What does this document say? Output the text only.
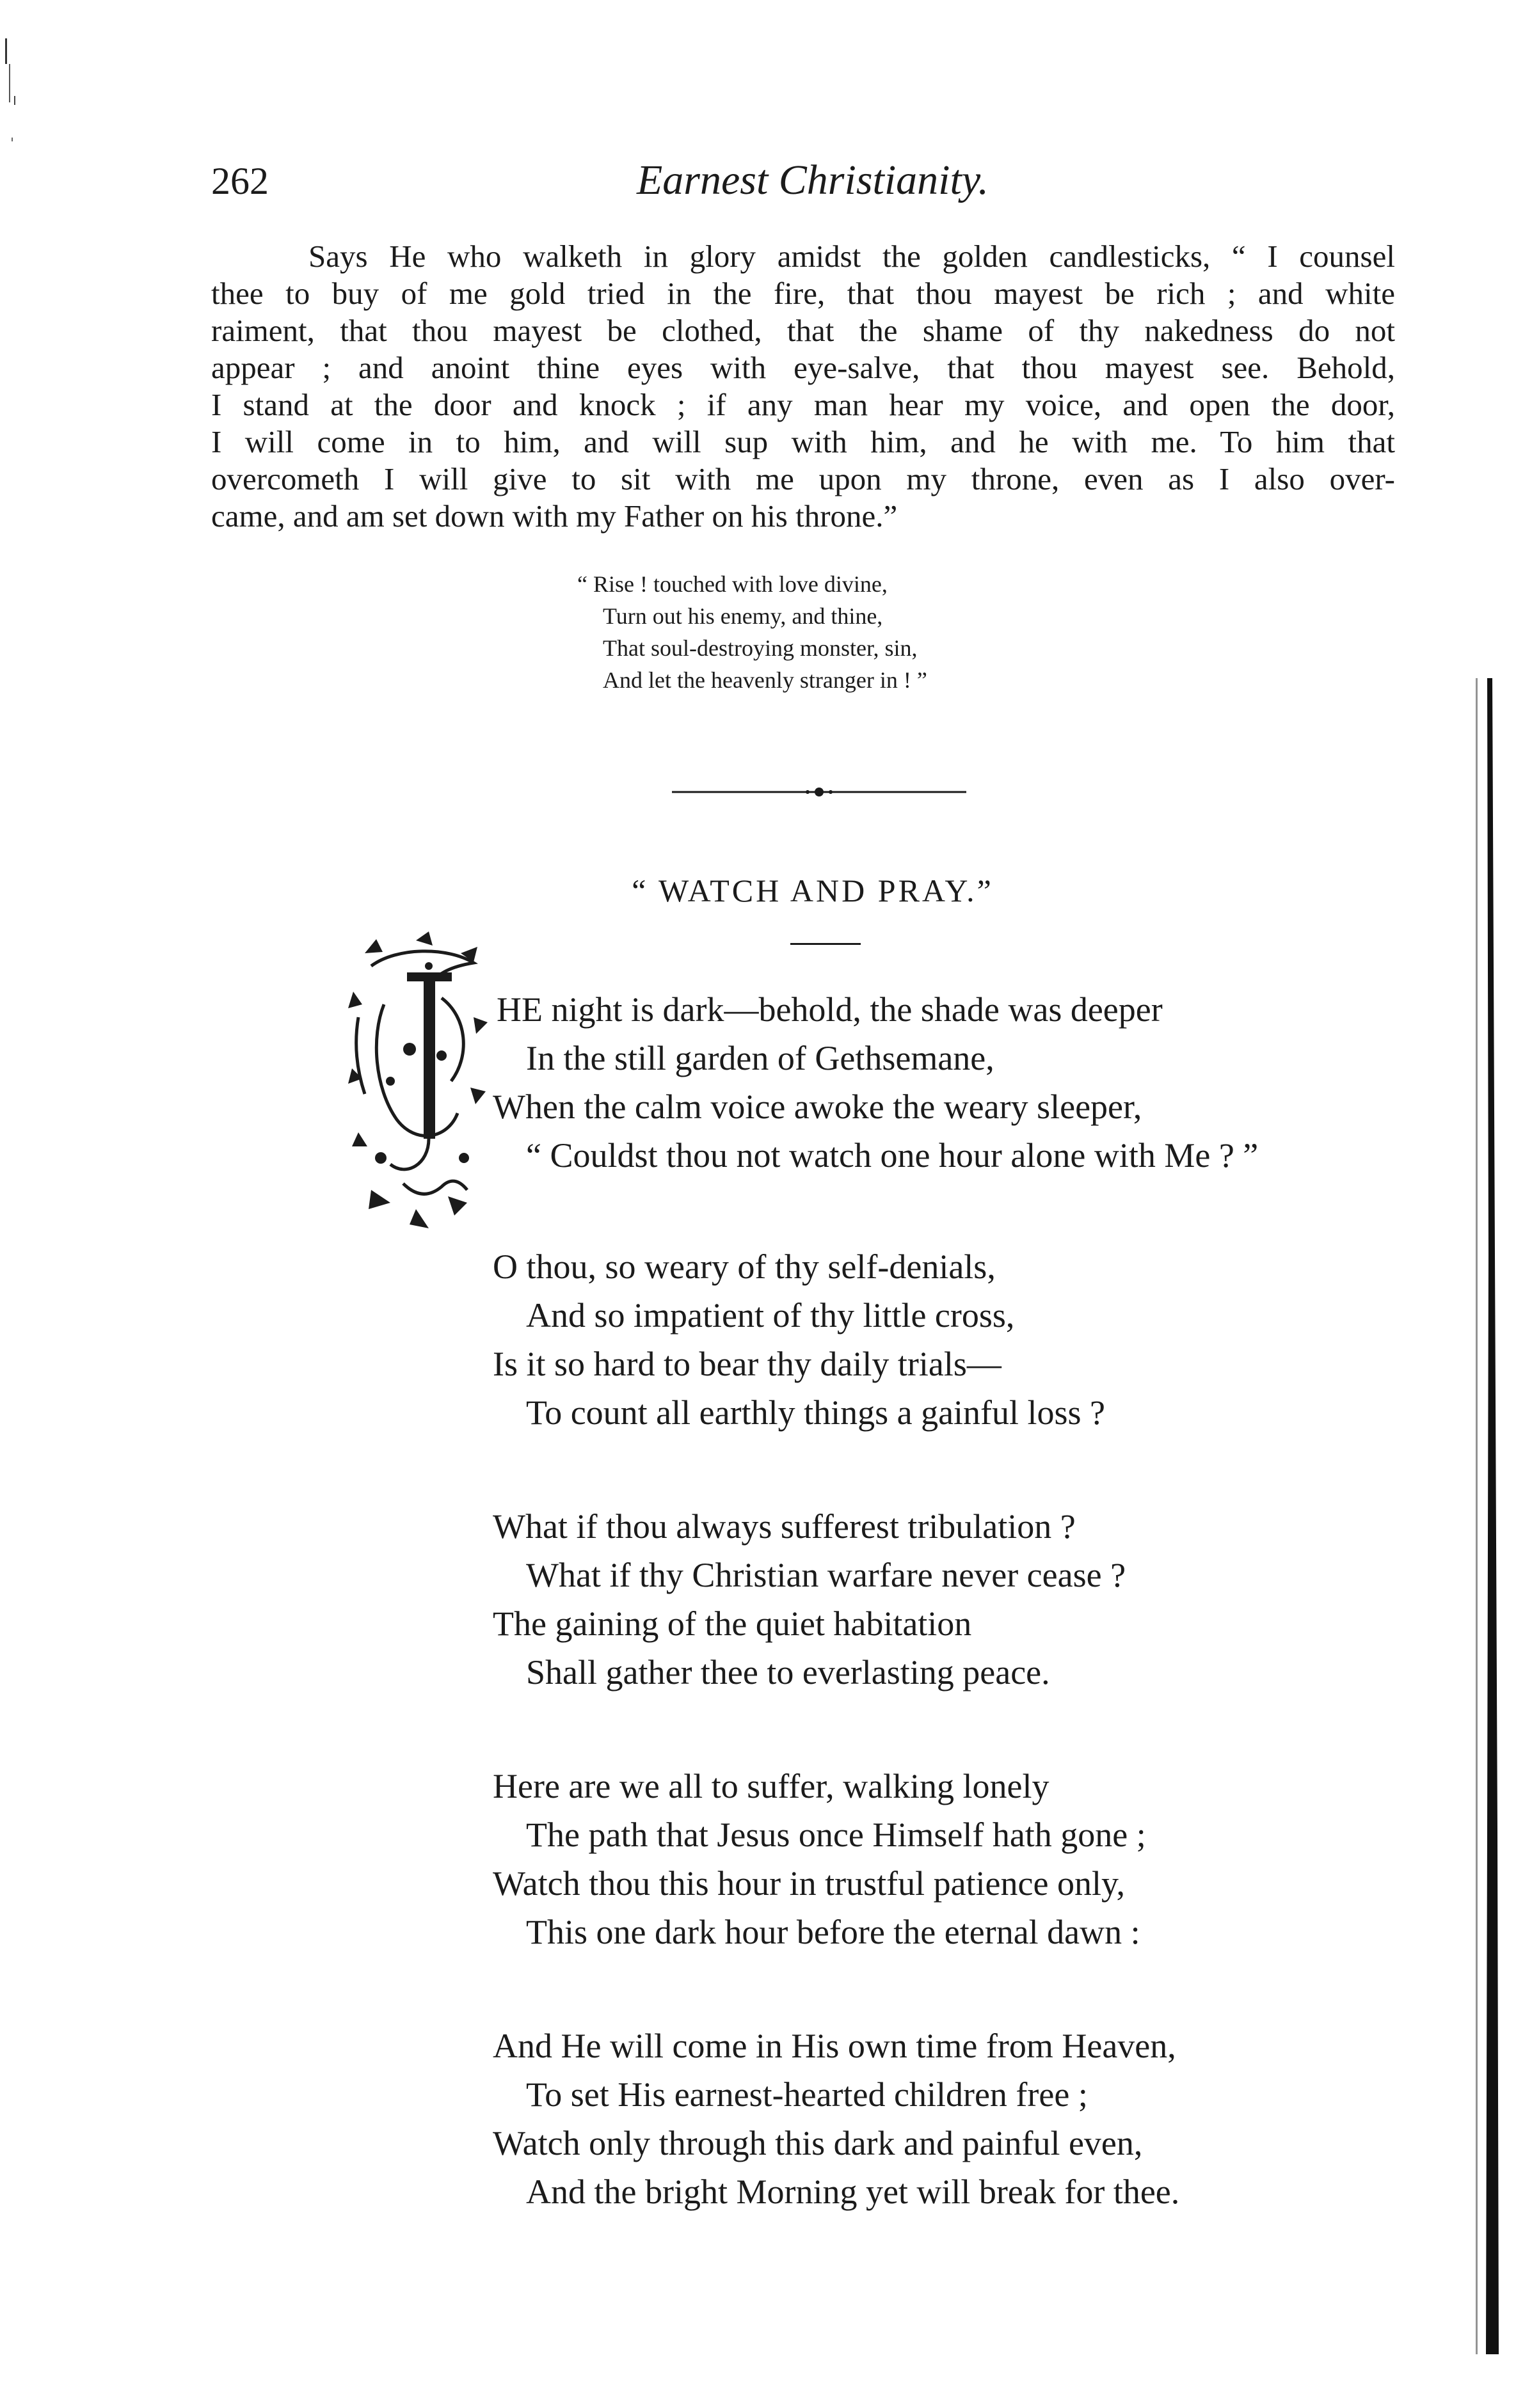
262	Earnest Christianity.
Says He who walketh in glory amidst the golden candlesticks, “ I counsel
thee to buy of me gold tried in the fire, that thou mayest be rich ; and white
raiment, that thou mayest be clothed, that the shame of thy nakedness do not
appear ; and anoint thine eyes with eye-salve, that thou mayest see. Behold,
I stand at the door and knock ; if any man hear my voice, and open the door,
I will come in to him, and will sup with him, and he with me. To him that
overcometh I will give to sit with me upon my throne, even as I also over-
came, and am set down with my Father on his throne.”
“ Rise ! touched with love divine,
Turn out his enemy, and thine,
That soul-destroying monster, sin,
And let the heavenly stranger in ! ”
“ WATCH AND PRAY.”
HE night is dark—behold, the shade was deeper
In the still garden of Gethsemane,
When the calm voice awoke the weary sleeper,
“ Couldst thou not watch one hour alone with Me ? ”
O thou, so weary of thy self-denials,
And so impatient of thy little cross,
Is it so hard to bear thy daily trials—
To count all earthly things a gainful loss ?
What if thou always sufferest tribulation ?
What if thy Christian warfare never cease ?
The gaining of the quiet habitation
Shall gather thee to everlasting peace.
Here are we all to suffer, walking lonely
The path that Jesus once Himself hath gone ;
Watch thou this hour in trustful patience only,
This one dark hour before the eternal dawn :
And He will come in His own time from Heaven,
To set His earnest-hearted children free ;
Watch only through this dark and painful even,
And the bright Morning yet will break for thee.
